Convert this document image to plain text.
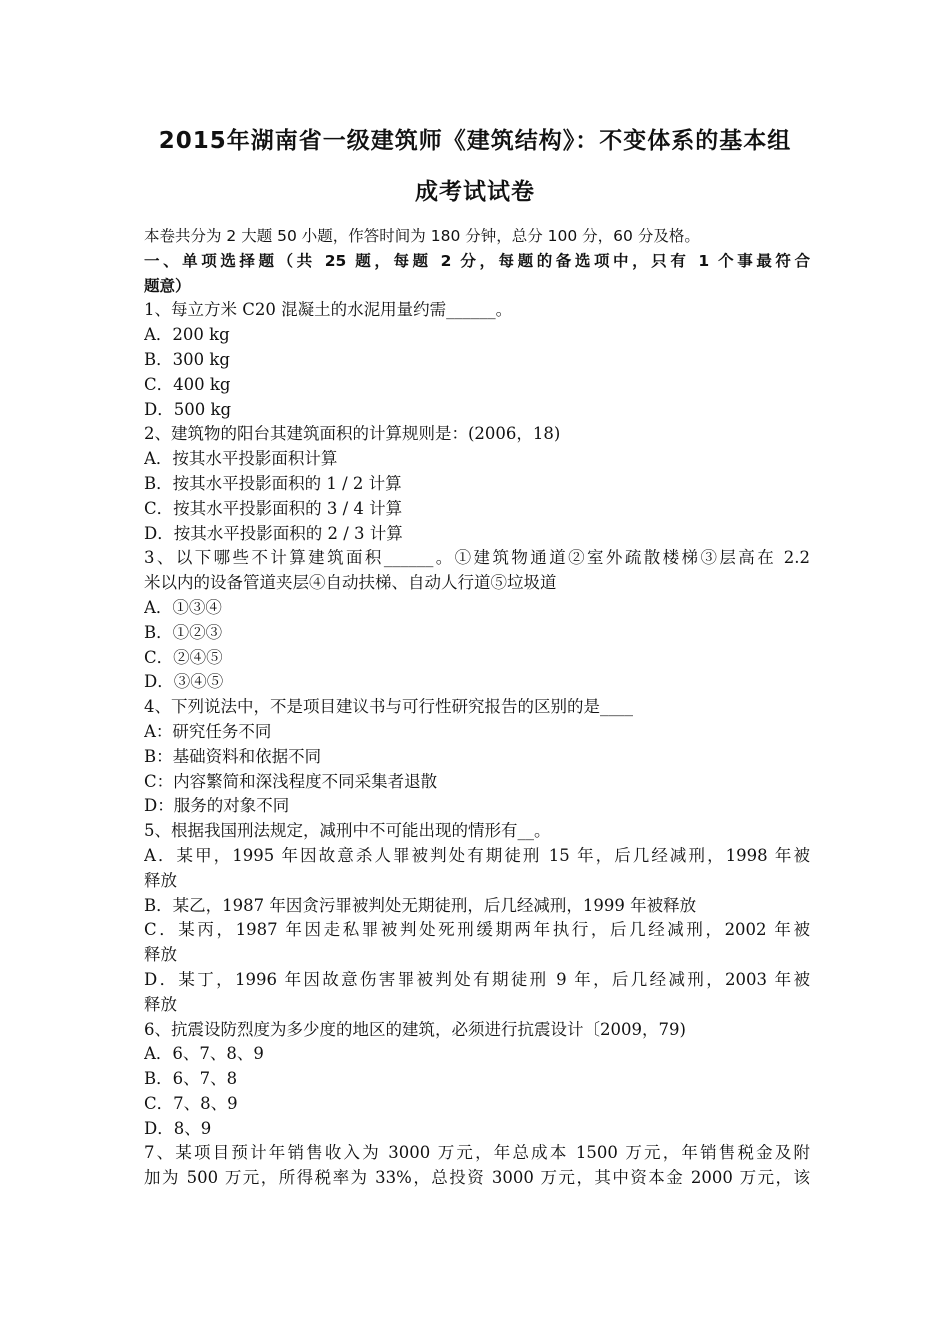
2015年湖南省一级建筑师《建筑结构》：不变体系的基本组
成考试试卷
本卷共分为 2 大题 50 小题，作答时间为 180 分钟，总分 100 分，60 分及格。
一、单项选择题（共 25 题，每题 2 分，每题的备选项中，只有 1 个事最符合
题意）
1、每立方米 C20 混凝土的水泥用量约需______。
A．200 kg
B．300 kg
C．400 kg
D．500 kg
2、建筑物的阳台其建筑面积的计算规则是：(2006，18)
A．按其水平投影面积计算
B．按其水平投影面积的 1 / 2 计算
C．按其水平投影面积的 3 / 4 计算
D．按其水平投影面积的 2 / 3 计算
3、以下哪些不计算建筑面积______。①建筑物通道②室外疏散楼梯③层高在 2.2
米以内的设备管道夹层④自动扶梯、自动人行道⑤垃圾道
A．①③④
B．①②③
C．②④⑤
D．③④⑤
4、下列说法中，不是项目建议书与可行性研究报告的区别的是____
A：研究任务不同
B：基础资料和依据不同
C：内容繁简和深浅程度不同采集者退散
D：服务的对象不同
5、根据我国刑法规定，减刑中不可能出现的情形有__。
A．某甲，1995 年因故意杀人罪被判处有期徒刑 15 年，后几经减刑，1998 年被
释放
B．某乙，1987 年因贪污罪被判处无期徒刑，后几经减刑，1999 年被释放
C．某丙，1987 年因走私罪被判处死刑缓期两年执行，后几经减刑，2002 年被
释放
D．某丁，1996 年因故意伤害罪被判处有期徒刑 9 年，后几经减刑，2003 年被
释放
6、抗震设防烈度为多少度的地区的建筑，必须进行抗震设计〔2009，79)
A．6、7、8、9
B．6、7、8
C．7、8、9
D．8、9
7、某项目预计年销售收入为 3000 万元，年总成本 1500 万元，年销售税金及附
加为 500 万元，所得税率为 33%，总投资 3000 万元，其中资本金 2000 万元，该
